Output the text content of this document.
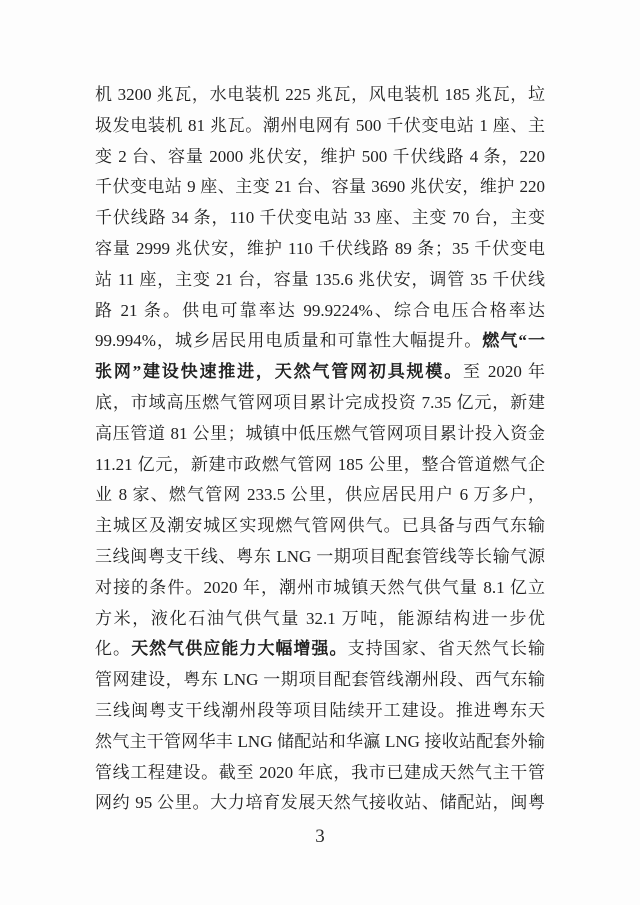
机 3200 兆瓦，水电装机 225 兆瓦，风电装机 185 兆瓦，垃
圾发电装机 81 兆瓦。潮州电网有 500 千伏变电站 1 座、主
变 2 台、容量 2000 兆伏安，维护 500 千伏线路 4 条，220
千伏变电站 9 座、主变 21 台、容量 3690 兆伏安，维护 220
千伏线路 34 条，110 千伏变电站 33 座、主变 70 台，主变
容量 2999 兆伏安，维护 110 千伏线路 89 条；35 千伏变电
站 11 座，主变 21 台，容量 135.6 兆伏安，调管 35 千伏线
路 21 条。供电可靠率达 99.9224%、综合电压合格率达
99.994%，城乡居民用电质量和可靠性大幅提升。燃气“一
张网”建设快速推进，天然气管网初具规模。至 2020 年
底，市域高压燃气管网项目累计完成投资 7.35 亿元，新建
高压管道 81 公里；城镇中低压燃气管网项目累计投入资金
11.21 亿元，新建市政燃气管网 185 公里，整合管道燃气企
业 8 家、燃气管网 233.5 公里，供应居民用户 6 万多户，
主城区及潮安城区实现燃气管网供气。已具备与西气东输
三线闽粤支干线、粤东 LNG 一期项目配套管线等长输气源
对接的条件。2020 年，潮州市城镇天然气供气量 8.1 亿立
方米，液化石油气供气量 32.1 万吨，能源结构进一步优
化。天然气供应能力大幅增强。支持国家、省天然气长输
管网建设，粤东 LNG 一期项目配套管线潮州段、西气东输
三线闽粤支干线潮州段等项目陆续开工建设。推进粤东天
然气主干管网华丰 LNG 储配站和华瀛 LNG 接收站配套外输
管线工程建设。截至 2020 年底，我市已建成天然气主干管
网约 95 公里。大力培育发展天然气接收站、储配站，闽粤
3
